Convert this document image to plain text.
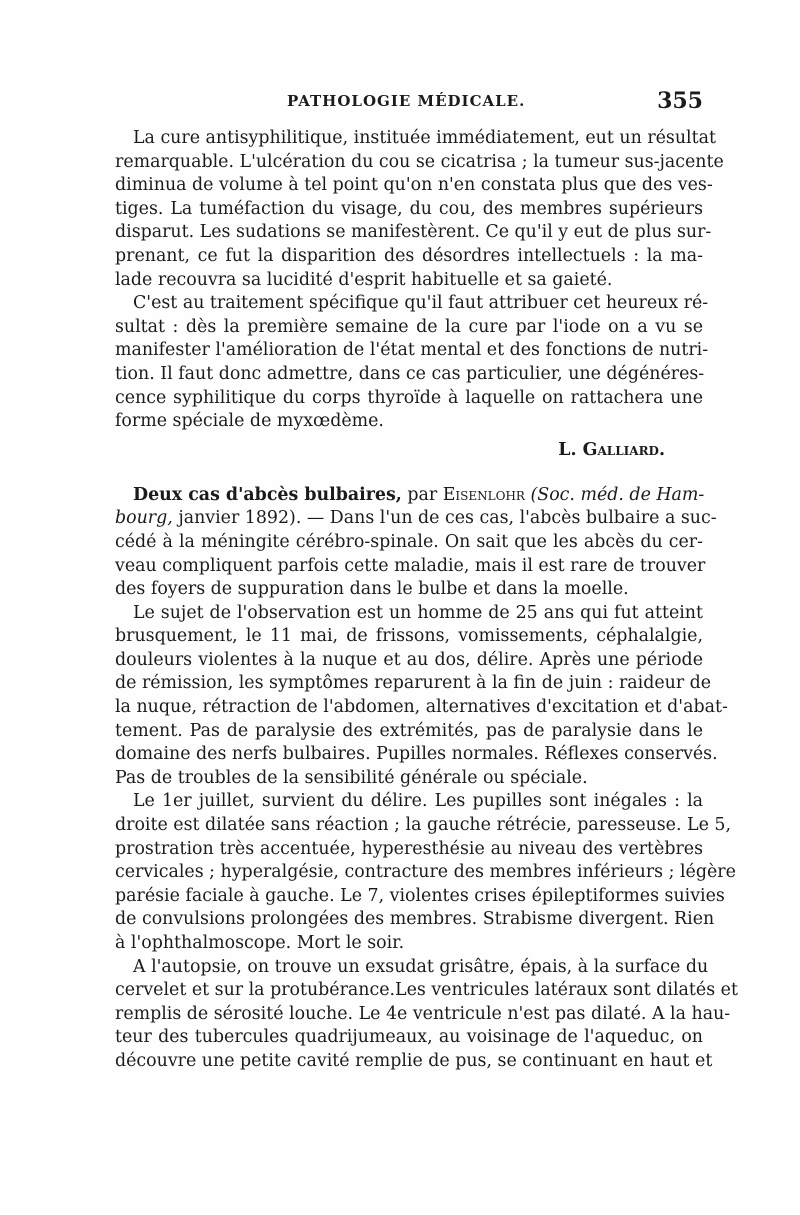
PATHOLOGIE MÉDICALE.	355
La cure antisyphilitique, instituée immédiatement, eut un résultat
remarquable. L'ulcération du cou se cicatrisa ; la tumeur sus-jacente
diminua de volume à tel point qu'on n'en constata plus que des ves-
tiges. La tuméfaction du visage, du cou, des membres supérieurs
disparut. Les sudations se manifestèrent. Ce qu'il y eut de plus sur-
prenant, ce fut la disparition des désordres intellectuels : la ma-
lade recouvra sa lucidité d'esprit habituelle et sa gaieté.
C'est au traitement spécifique qu'il faut attribuer cet heureux ré-
sultat : dès la première semaine de la cure par l'iode on a vu se
manifester l'amélioration de l'état mental et des fonctions de nutri-
tion. Il faut donc admettre, dans ce cas particulier, une dégénéres-
cence syphilitique du corps thyroïde à laquelle on rattachera une
forme spéciale de myxœdème.
L. Galliard.
Deux cas d'abcès bulbaires, par Eisenlohr (Soc. méd. de Ham-
bourg, janvier 1892). — Dans l'un de ces cas, l'abcès bulbaire a suc-
cédé à la méningite cérébro-spinale. On sait que les abcès du cer-
veau compliquent parfois cette maladie, mais il est rare de trouver
des foyers de suppuration dans le bulbe et dans la moelle.
Le sujet de l'observation est un homme de 25 ans qui fut atteint
brusquement, le 11 mai, de frissons, vomissements, céphalalgie,
douleurs violentes à la nuque et au dos, délire. Après une période
de rémission, les symptômes reparurent à la fin de juin : raideur de
la nuque, rétraction de l'abdomen, alternatives d'excitation et d'abat-
tement. Pas de paralysie des extrémités, pas de paralysie dans le
domaine des nerfs bulbaires. Pupilles normales. Réflexes conservés.
Pas de troubles de la sensibilité générale ou spéciale.
Le 1er juillet, survient du délire. Les pupilles sont inégales : la
droite est dilatée sans réaction ; la gauche rétrécie, paresseuse. Le 5,
prostration très accentuée, hyperesthésie au niveau des vertèbres
cervicales ; hyperalgésie, contracture des membres inférieurs ; légère
parésie faciale à gauche. Le 7, violentes crises épileptiformes suivies
de convulsions prolongées des membres. Strabisme divergent. Rien
à l'ophthalmoscope. Mort le soir.
A l'autopsie, on trouve un exsudat grisâtre, épais, à la surface du
cervelet et sur la protubérance.Les ventricules latéraux sont dilatés et
remplis de sérosité louche. Le 4e ventricule n'est pas dilaté. A la hau-
teur des tubercules quadrijumeaux, au voisinage de l'aqueduc, on
découvre une petite cavité remplie de pus, se continuant en haut et
